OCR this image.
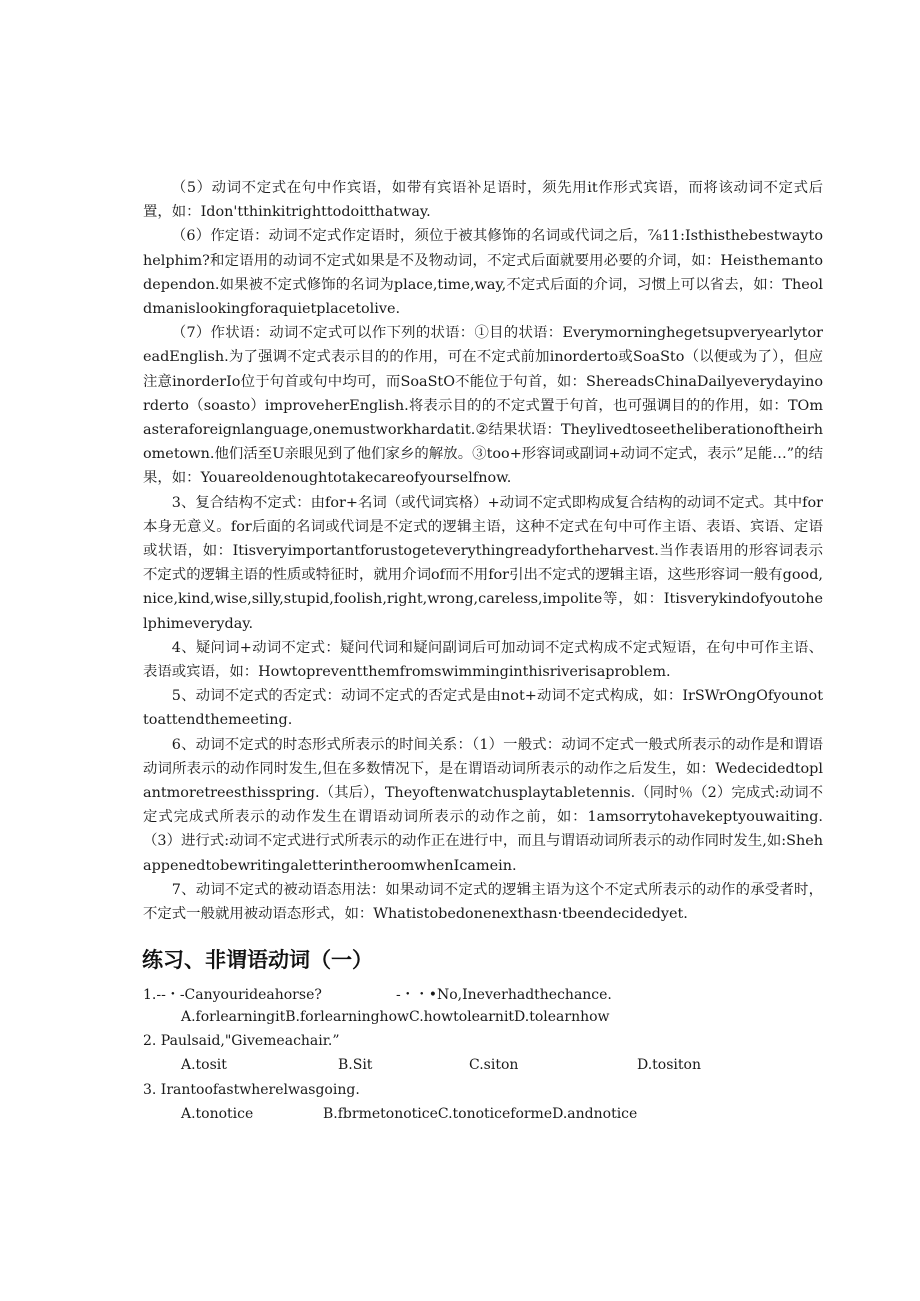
（5）动词不定式在句中作宾语，如带有宾语补足语时，须先用it作形式宾语，而将该动词不定式后置，如：Idon'tthinkitrighttodoitthatway.

（6）作定语：动词不定式作定语时，须位于被其修饰的名词或代词之后，⅞11:Isthisthebestwaytohelphim?和定语用的动词不定式如果是不及物动词，不定式后面就要用必要的介词，如：Heisthemantodependon.如果被不定式修饰的名词为place,time,way,不定式后面的介词，习惯上可以省去，如：Theoldmanislookingforaquietplacetolive.

（7）作状语：动词不定式可以作下列的状语：①目的状语：EverymorninghegetsupveryearlytoreadEnglish.为了强调不定式表示目的的作用，可在不定式前加inorderto或SoaSto（以便或为了），但应注意inorderIo位于句首或句中均可，而SoaStO不能位于句首，如：ShereadsChinaDailyeverydayinorderto（soasto）improveherEnglish.将表示目的的不定式置于句首，也可强调目的的作用，如：TOmasteraforeignlanguage,onemustworkhardatit.②结果状语：Theylivedtoseetheliberationoftheirhometown.他们活至U亲眼见到了他们家乡的解放。③too+形容词或副词+动词不定式，表示”足能…”的结果，如：Youareoldenoughtotakecareofyourselfnow.

3、复合结构不定式：由for+名词（或代词宾格）+动词不定式即构成复合结构的动词不定式。其中for本身无意义。for后面的名词或代词是不定式的逻辑主语，这种不定式在句中可作主语、表语、宾语、定语或状语，如：Itisveryimportantforustogeteverythingreadyfortheharvest.当作表语用的形容词表示不定式的逻辑主语的性质或特征时，就用介词of而不用for引出不定式的逻辑主语，这些形容词一般有good,nice,kind,wise,silly,stupid,foolish,right,wrong,careless,impolite等，如：Itisverykindofyoutohelphimeveryday.

4、疑问词+动词不定式：疑问代词和疑问副词后可加动词不定式构成不定式短语，在句中可作主语、表语或宾语，如：Howtopreventthemfromswimminginthisriverisaproblem.

5、动词不定式的否定式：动词不定式的否定式是由not+动词不定式构成，如：IrSWrOngOfyounottoattendthemeeting.

6、动词不定式的时态形式所表示的时间关系：（1）一般式：动词不定式一般式所表示的动作是和谓语动词所表示的动作同时发生,但在多数情况下，是在谓语动词所表示的动作之后发生，如：Wedecidedtoplantmoretreesthisspring.（其后），Theyoftenwatchusplaytabletennis.（同时％（2）完成式:动词不定式完成式所表示的动作发生在谓语动词所表示的动作之前，如：1amsorrytohavekeptyouwaiting.（3）进行式:动词不定式进行式所表示的动作正在进行中，而且与谓语动词所表示的动作同时发生,如:ShehappenedtobewritingaletterintheroomwhenIcamein.

7、动词不定式的被动语态用法：如果动词不定式的逻辑主语为这个不定式所表示的动作的承受者时，不定式一般就用被动语态形式，如：Whatistobedonenexthasn·tbeendecidedyet.

练习、非谓语动词（一）
1.--・-Canyourideahorse?	-・・•No,Ineverhadthechance.
A.forlearningitB.forlearninghowC.howtolearnitD.tolearnhow
2. Paulsaid,"Givemeachair.”
A.tosit	B.Sit	C.siton	D.tositon
3. Irantoofastwherelwasgoing.
A.tonotice	B.fbrmetonoticeC.tonoticeformeD.andnotice
